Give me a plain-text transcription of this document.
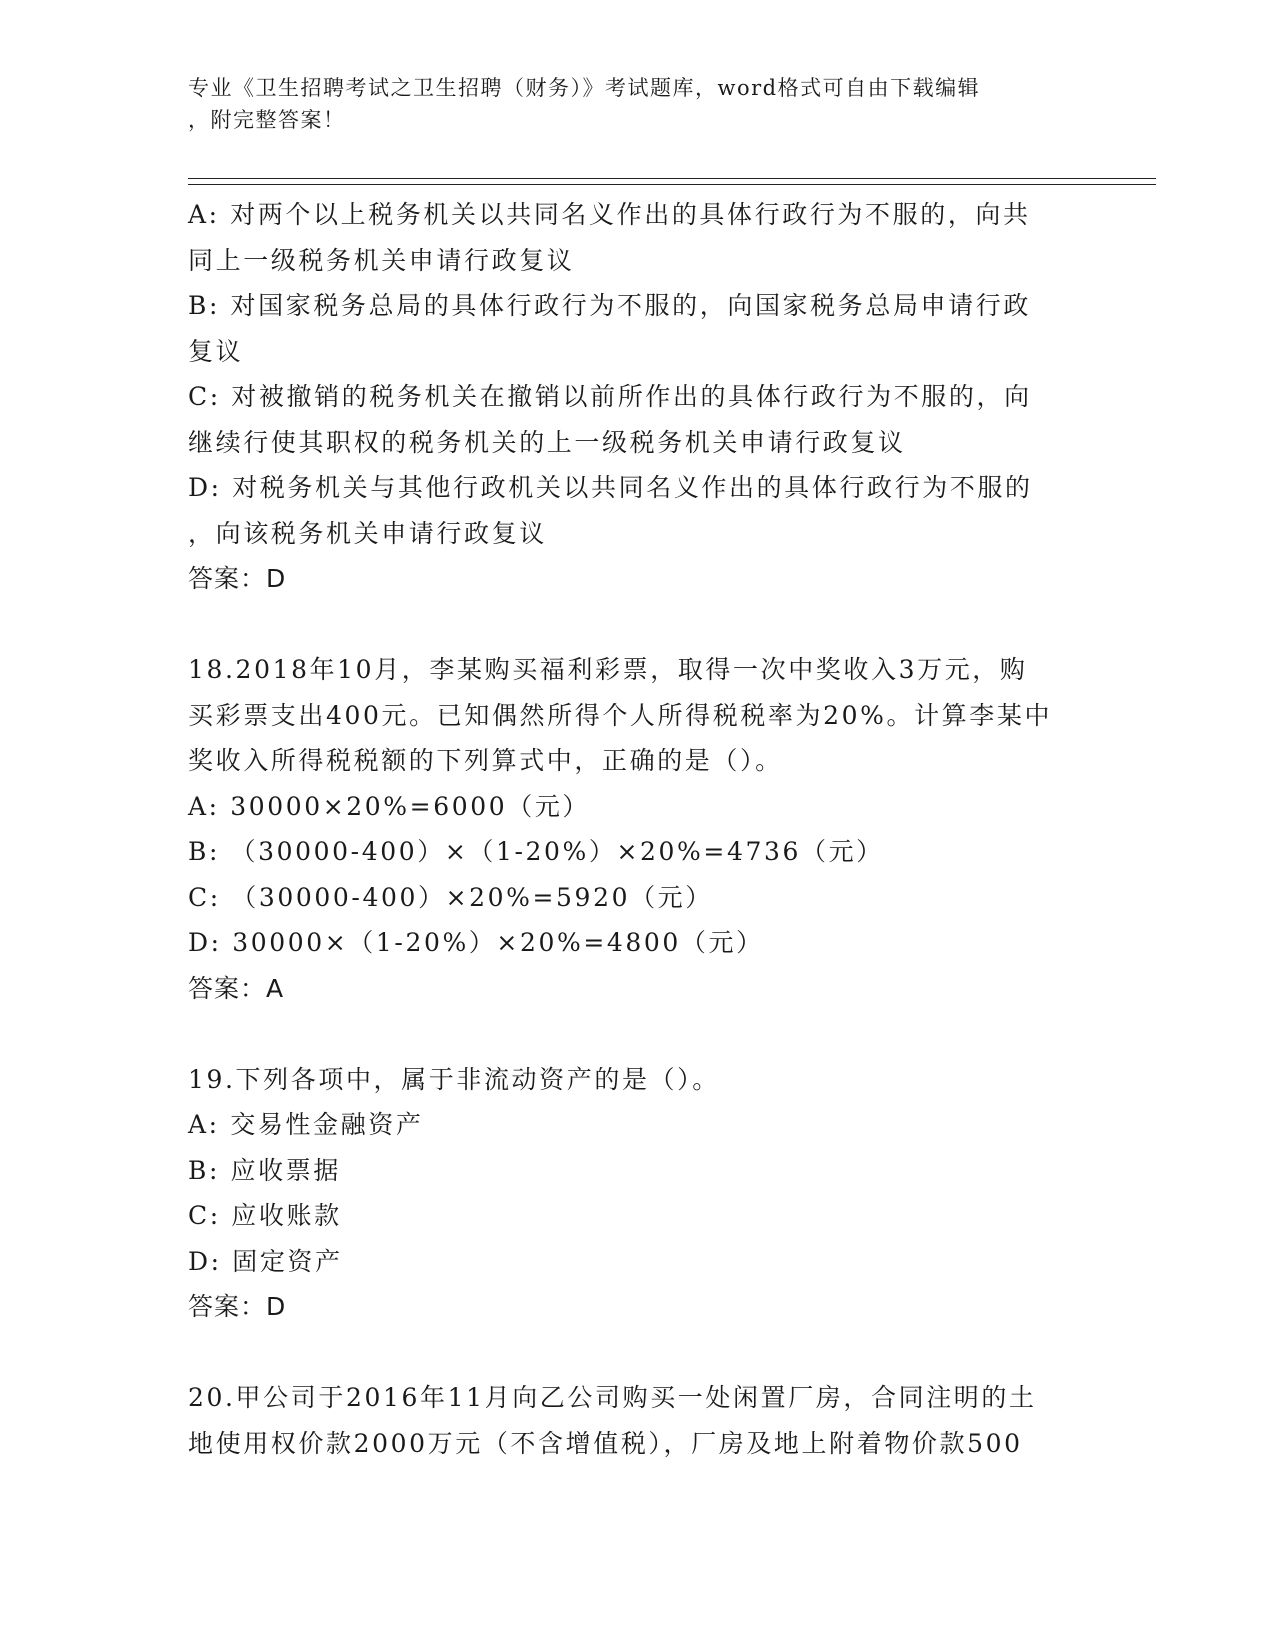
专业《卫生招聘考试之卫生招聘（财务）》考试题库，word格式可自由下载编辑
，附完整答案！
A: 对两个以上税务机关以共同名义作出的具体行政行为不服的，向共
同上一级税务机关申请行政复议
B: 对国家税务总局的具体行政行为不服的，向国家税务总局申请行政
复议
C: 对被撤销的税务机关在撤销以前所作出的具体行政行为不服的，向
继续行使其职权的税务机关的上一级税务机关申请行政复议
D: 对税务机关与其他行政机关以共同名义作出的具体行政行为不服的
，向该税务机关申请行政复议
答案：D
18.2018年10月，李某购买福利彩票，取得一次中奖收入3万元，购
买彩票支出400元。已知偶然所得个人所得税税率为20%。计算李某中
奖收入所得税税额的下列算式中，正确的是（）。
A: 30000×20%=6000（元）
B: （30000-400）×（1-20%）×20%=4736（元）
C: （30000-400）×20%=5920（元）
D: 30000×（1-20%）×20%=4800（元）
答案：A
19.下列各项中，属于非流动资产的是（）。
A: 交易性金融资产
B: 应收票据
C: 应收账款
D: 固定资产
答案：D
20.甲公司于2016年11月向乙公司购买一处闲置厂房，合同注明的土
地使用权价款2000万元（不含增值税），厂房及地上附着物价款500
